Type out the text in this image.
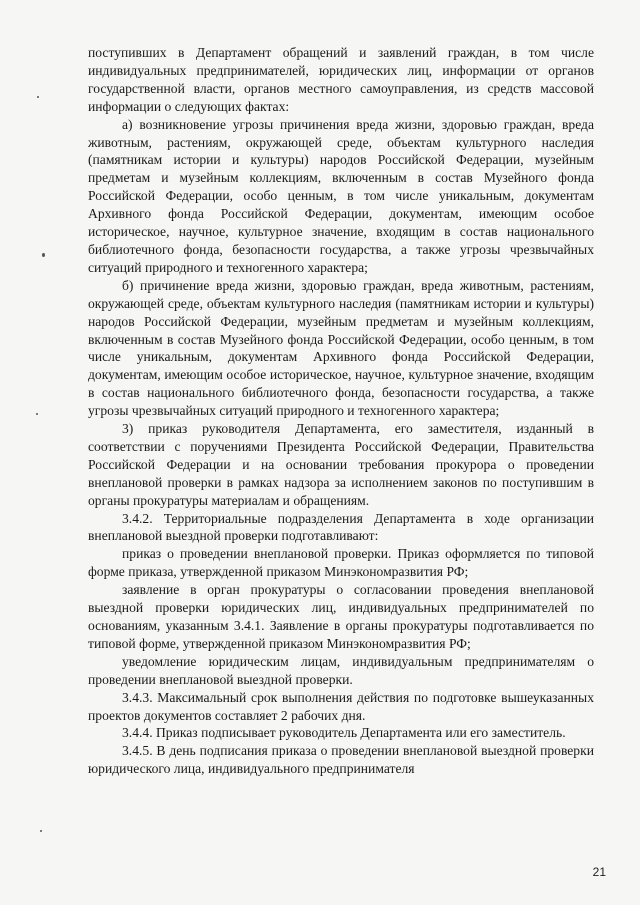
поступивших в Департамент обращений и заявлений граждан, в том числе индивидуальных предпринимателей, юридических лиц, информации от органов государственной власти, органов местного самоуправления, из средств массовой информации о следующих фактах:

а) возникновение угрозы причинения вреда жизни, здоровью граждан, вреда животным, растениям, окружающей среде, объектам культурного наследия (памятникам истории и культуры) народов Российской Федерации, музейным предметам и музейным коллекциям, включенным в состав Музейного фонда Российской Федерации, особо ценным, в том числе уникальным, документам Архивного фонда Российской Федерации, документам, имеющим особое историческое, научное, культурное значение, входящим в состав национального библиотечного фонда, безопасности государства, а также угрозы чрезвычайных ситуаций природного и техногенного характера;

б) причинение вреда жизни, здоровью граждан, вреда животным, растениям, окружающей среде, объектам культурного наследия (памятникам истории и культуры) народов Российской Федерации, музейным предметам и музейным коллекциям, включенным в состав Музейного фонда Российской Федерации, особо ценным, в том числе уникальным, документам Архивного фонда Российской Федерации, документам, имеющим особое историческое, научное, культурное значение, входящим в состав национального библиотечного фонда, безопасности государства, а также угрозы чрезвычайных ситуаций природного и техногенного характера;

3) приказ руководителя Департамента, его заместителя, изданный в соответствии с поручениями Президента Российской Федерации, Правительства Российской Федерации и на основании требования прокурора о проведении внеплановой проверки в рамках надзора за исполнением законов по поступившим в органы прокуратуры материалам и обращениям.

3.4.2. Территориальные подразделения Департамента в ходе организации внеплановой выездной проверки подготавливают:

приказ о проведении внеплановой проверки. Приказ оформляется по типовой форме приказа, утвержденной приказом Минэкономразвития РФ;

заявление в орган прокуратуры о согласовании проведения внеплановой выездной проверки юридических лиц, индивидуальных предпринимателей по основаниям, указанным 3.4.1. Заявление в органы прокуратуры подготавливается по типовой форме, утвержденной приказом Минэкономразвития РФ;

уведомление юридическим лицам, индивидуальным предпринимателям о проведении внеплановой выездной проверки.

3.4.3. Максимальный срок выполнения действия по подготовке вышеуказанных проектов документов составляет 2 рабочих дня.

3.4.4. Приказ подписывает руководитель Департамента или его заместитель.

3.4.5. В день подписания приказа о проведении внеплановой выездной проверки юридического лица, индивидуального предпринимателя

21
